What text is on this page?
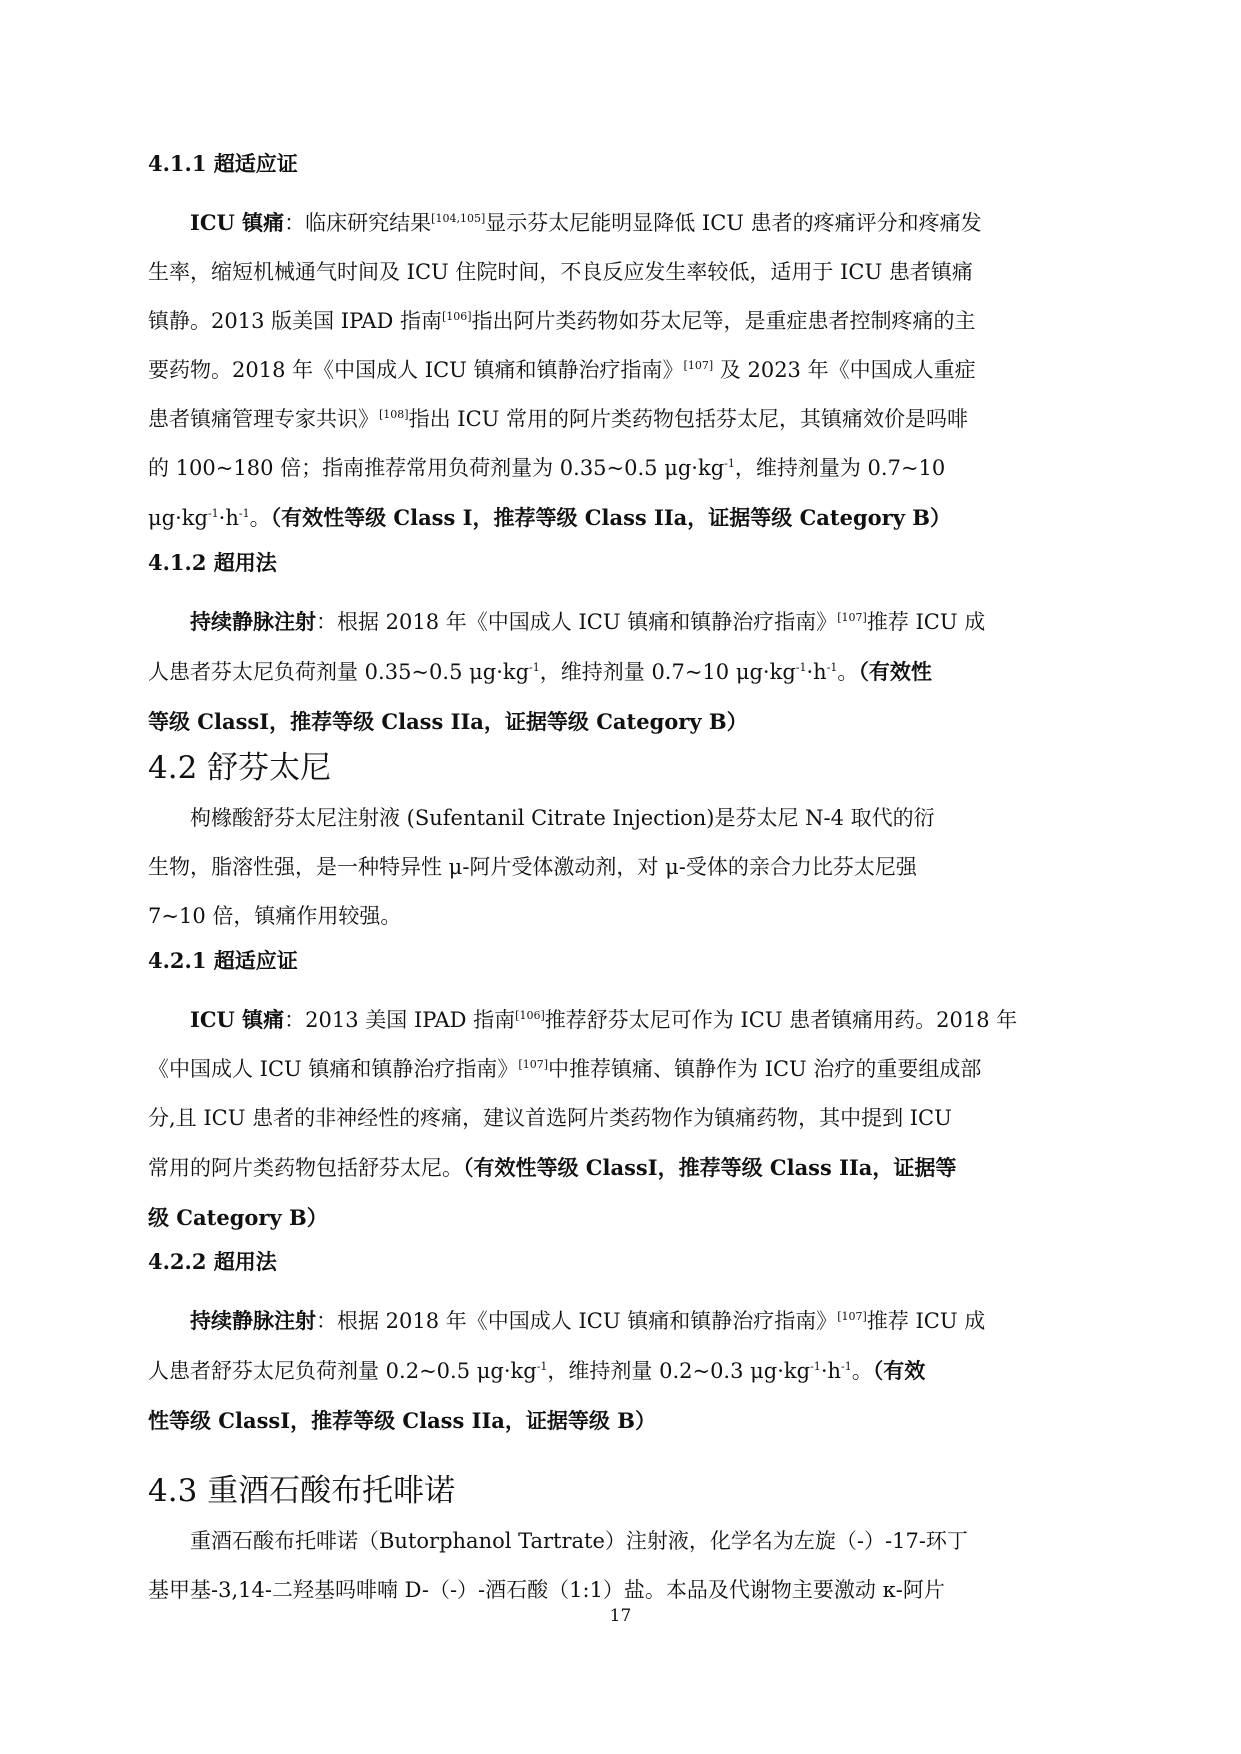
4.1.1 超适应证
ICU 镇痛：临床研究结果[104,105]显示芬太尼能明显降低 ICU 患者的疼痛评分和疼痛发
生率，缩短机械通气时间及 ICU 住院时间，不良反应发生率较低，适用于 ICU 患者镇痛
镇静。2013 版美国 IPAD 指南[106]指出阿片类药物如芬太尼等，是重症患者控制疼痛的主
要药物。2018 年《中国成人 ICU 镇痛和镇静治疗指南》[107] 及 2023 年《中国成人重症
患者镇痛管理专家共识》[108]指出 ICU 常用的阿片类药物包括芬太尼，其镇痛效价是吗啡
的 100~180 倍；指南推荐常用负荷剂量为 0.35~0.5 $\mu g\cdot kg^{-1}$，维持剂量为 0.7~10
$\mu g\cdot kg^{-1}\cdot h^{-1}$。（有效性等级 Class I，推荐等级 Class IIa，证据等级 Category B）
4.1.2 超用法
持续静脉注射：根据 2018 年《中国成人 ICU 镇痛和镇静治疗指南》[107]推荐 ICU 成
人患者芬太尼负荷剂量 0.35~0.5 $\mu g\cdot kg^{-1}$，维持剂量 0.7~10 $\mu g\cdot kg^{-1}\cdot h^{-1}$。（有效性
等级 ClassI，推荐等级 Class IIa，证据等级 Category B）
4.2 舒芬太尼
枸橼酸舒芬太尼注射液 (Sufentanil Citrate Injection)是芬太尼 N-4 取代的衍
生物，脂溶性强，是一种特异性 μ-阿片受体激动剂，对 μ-受体的亲合力比芬太尼强
7~10 倍，镇痛作用较强。
4.2.1 超适应证
ICU 镇痛：2013 美国 IPAD 指南[106]推荐舒芬太尼可作为 ICU 患者镇痛用药。2018 年
《中国成人 ICU 镇痛和镇静治疗指南》[107]中推荐镇痛、镇静作为 ICU 治疗的重要组成部
分,且 ICU 患者的非神经性的疼痛，建议首选阿片类药物作为镇痛药物，其中提到 ICU
常用的阿片类药物包括舒芬太尼。（有效性等级 ClassI，推荐等级 Class IIa，证据等
级 Category B）
4.2.2 超用法
持续静脉注射：根据 2018 年《中国成人 ICU 镇痛和镇静治疗指南》[107]推荐 ICU 成
人患者舒芬太尼负荷剂量 0.2~0.5 $\mu g\cdot kg^{-1}$，维持剂量 0.2~0.3 $\mu g\cdot kg^{-1}\cdot h^{-1}$。（有效
性等级 ClassI，推荐等级 Class IIa，证据等级 B）
4.3 重酒石酸布托啡诺
重酒石酸布托啡诺（Butorphanol Tartrate）注射液，化学名为左旋（-）-17-环丁
基甲基-3,14-二羟基吗啡喃 D-（-）-酒石酸（1:1）盐。本品及代谢物主要激动 κ-阿片
17
